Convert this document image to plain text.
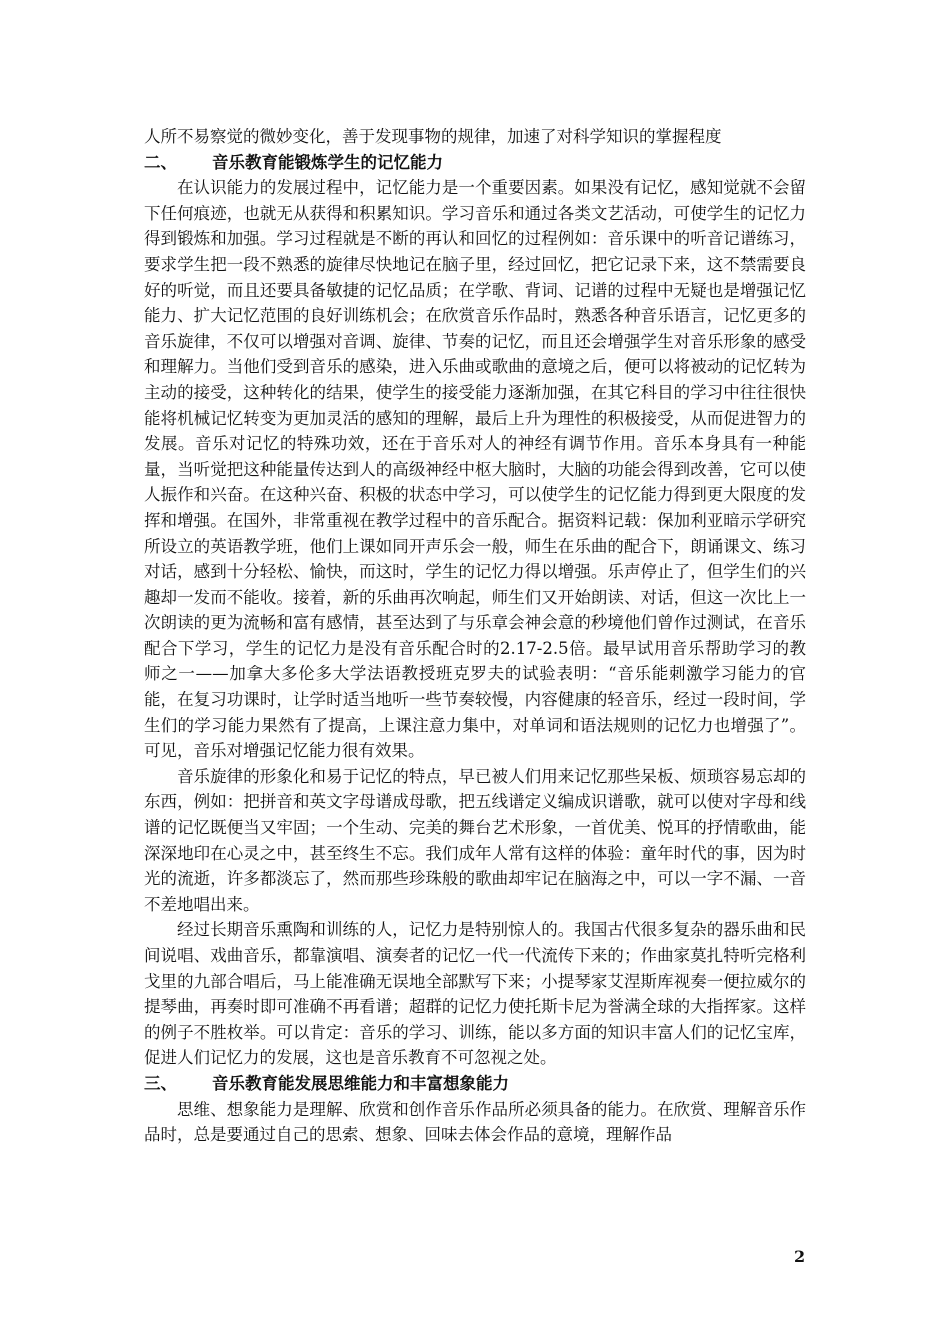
人所不易察觉的微妙变化，善于发现事物的规律，加速了对科学知识的掌握程度

二、	音乐教育能锻炼学生的记忆能力

在认识能力的发展过程中，记忆能力是一个重要因素。如果没有记忆，感知觉就不会留下任何痕迹，也就无从获得和积累知识。学习音乐和通过各类文艺活动，可使学生的记忆力得到锻炼和加强。学习过程就是不断的再认和回忆的过程例如：音乐课中的听音记谱练习，要求学生把一段不熟悉的旋律尽快地记在脑子里，经过回忆，把它记录下来，这不禁需要良好的听觉，而且还要具备敏捷的记忆品质；在学歌、背词、记谱的过程中无疑也是增强记忆能力、扩大记忆范围的良好训练机会；在欣赏音乐作品时，熟悉各种音乐语言，记忆更多的音乐旋律，不仅可以增强对音调、旋律、节奏的记忆，而且还会增强学生对音乐形象的感受和理解力。当他们受到音乐的感染，进入乐曲或歌曲的意境之后，便可以将被动的记忆转为主动的接受，这种转化的结果，使学生的接受能力逐渐加强，在其它科目的学习中往往很快能将机械记忆转变为更加灵活的感知的理解，最后上升为理性的积极接受，从而促进智力的发展。音乐对记忆的特殊功效，还在于音乐对人的神经有调节作用。音乐本身具有一种能量，当听觉把这种能量传达到人的高级神经中枢大脑时，大脑的功能会得到改善，它可以使人振作和兴奋。在这种兴奋、积极的状态中学习，可以使学生的记忆能力得到更大限度的发挥和增强。在国外，非常重视在教学过程中的音乐配合。据资料记载：保加利亚暗示学研究所设立的英语教学班，他们上课如同开声乐会一般，师生在乐曲的配合下，朗诵课文、练习对话，感到十分轻松、愉快，而这时，学生的记忆力得以增强。乐声停止了，但学生们的兴趣却一发而不能收。接着，新的乐曲再次响起，师生们又开始朗读、对话，但这一次比上一次朗读的更为流畅和富有感情，甚至达到了与乐章会神会意的秒境他们曾作过测试，在音乐配合下学习，学生的记忆力是没有音乐配合时的2.17-2.5倍。最早试用音乐帮助学习的教师之一——加拿大多伦多大学法语教授班克罗夫的试验表明：“音乐能刺激学习能力的官能，在复习功课时，让学时适当地听一些节奏较慢，内容健康的轻音乐，经过一段时间，学生们的学习能力果然有了提高，上课注意力集中，对单词和语法规则的记忆力也增强了”。可见，音乐对增强记忆能力很有效果。

音乐旋律的形象化和易于记忆的特点，早已被人们用来记忆那些呆板、烦琐容易忘却的东西，例如：把拼音和英文字母谱成母歌，把五线谱定义编成识谱歌，就可以使对字母和线谱的记忆既便当又牢固；一个生动、完美的舞台艺术形象，一首优美、悦耳的抒情歌曲，能深深地印在心灵之中，甚至终生不忘。我们成年人常有这样的体验：童年时代的事，因为时光的流逝，许多都淡忘了，然而那些珍珠般的歌曲却牢记在脑海之中，可以一字不漏、一音不差地唱出来。

经过长期音乐熏陶和训练的人，记忆力是特别惊人的。我国古代很多复杂的器乐曲和民间说唱、戏曲音乐，都靠演唱、演奏者的记忆一代一代流传下来的；作曲家莫扎特听完格利戈里的九部合唱后，马上能准确无误地全部默写下来；小提琴家艾涅斯库视奏一便拉威尔的提琴曲，再奏时即可准确不再看谱；超群的记忆力使托斯卡尼为誉满全球的大指挥家。这样的例子不胜枚举。可以肯定：音乐的学习、训练，能以多方面的知识丰富人们的记忆宝库，促进人们记忆力的发展，这也是音乐教育不可忽视之处。

三、	音乐教育能发展思维能力和丰富想象能力

思维、想象能力是理解、欣赏和创作音乐作品所必须具备的能力。在欣赏、理解音乐作品时，总是要通过自己的思索、想象、回味去体会作品的意境，理解作品

2
